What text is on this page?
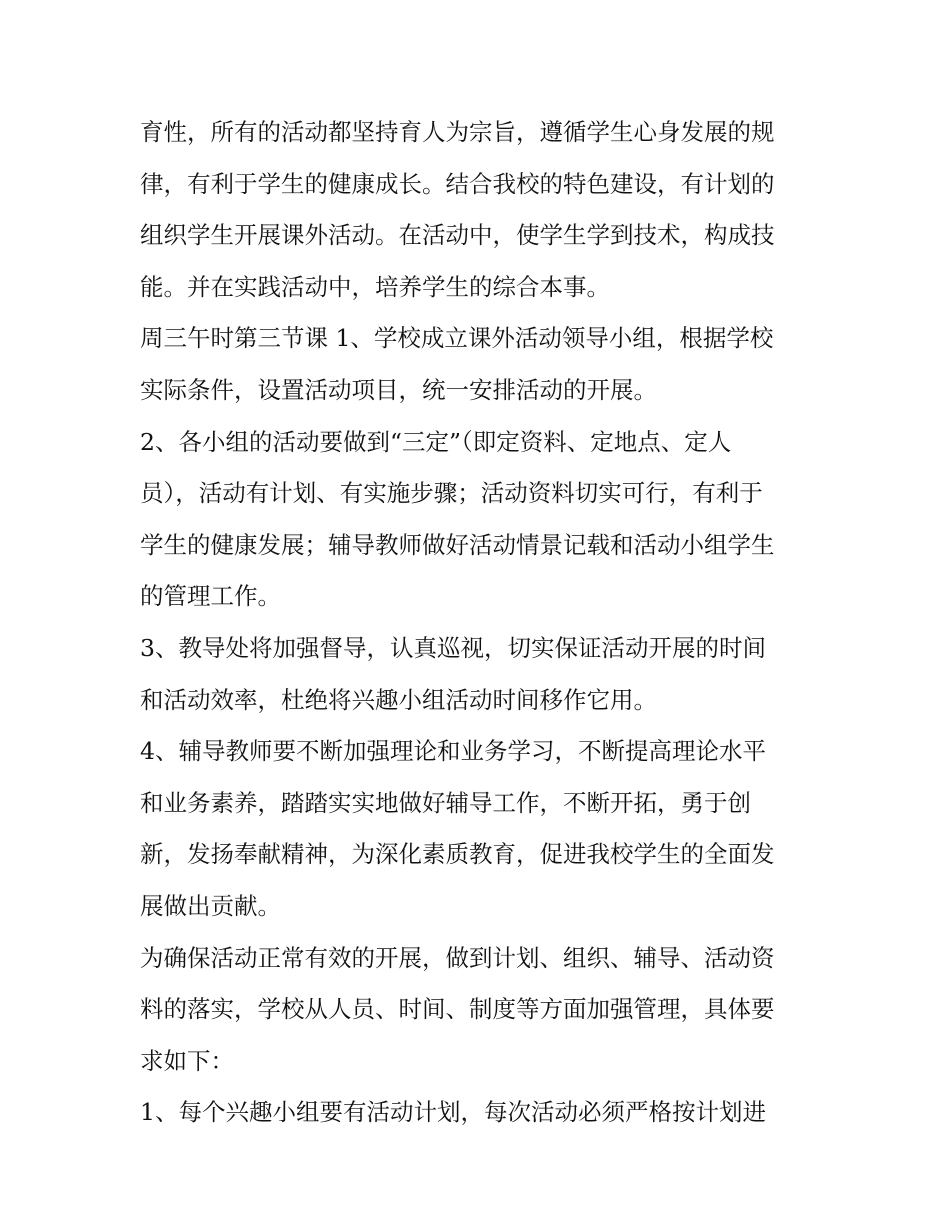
育性，所有的活动都坚持育人为宗旨，遵循学生心身发展的规

律，有利于学生的健康成长。结合我校的特色建设，有计划的

组织学生开展课外活动。在活动中，使学生学到技术，构成技

能。并在实践活动中，培养学生的综合本事。

周三午时第三节课 1、学校成立课外活动领导小组，根据学校

实际条件，设置活动项目，统一安排活动的开展。

2、各小组的活动要做到“三定”（即定资料、定地点、定人

员），活动有计划、有实施步骤；活动资料切实可行，有利于

学生的健康发展；辅导教师做好活动情景记载和活动小组学生

的管理工作。

3、教导处将加强督导，认真巡视，切实保证活动开展的时间

和活动效率，杜绝将兴趣小组活动时间移作它用。

4、辅导教师要不断加强理论和业务学习，不断提高理论水平

和业务素养，踏踏实实地做好辅导工作，不断开拓，勇于创

新，发扬奉献精神，为深化素质教育，促进我校学生的全面发

展做出贡献。

为确保活动正常有效的开展，做到计划、组织、辅导、活动资

料的落实，学校从人员、时间、制度等方面加强管理，具体要

求如下：

1、每个兴趣小组要有活动计划，每次活动必须严格按计划进
